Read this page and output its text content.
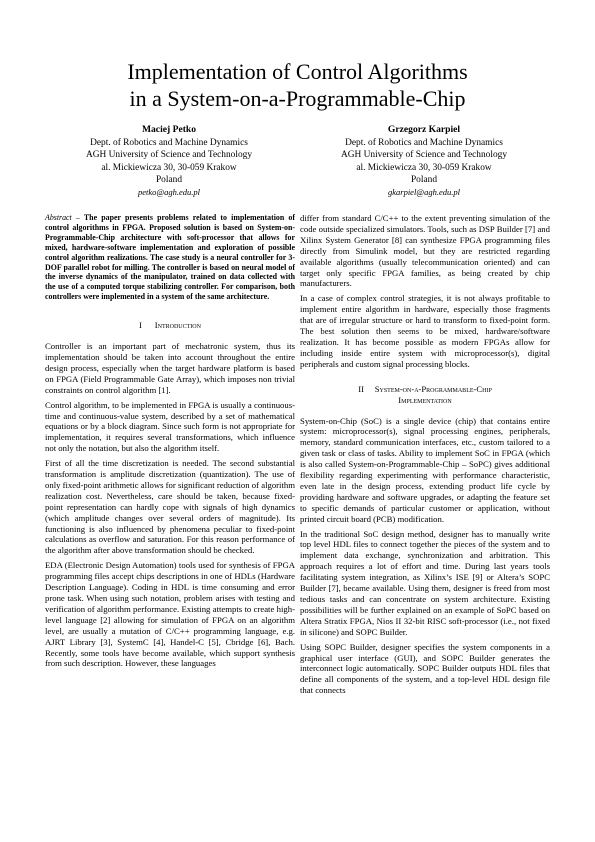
Implementation of Control Algorithms
in a System-on-a-Programmable-Chip
Maciej Petko
Dept. of Robotics and Machine Dynamics
AGH University of Science and Technology
al. Mickiewicza 30, 30-059 Krakow
Poland
petko@agh.edu.pl
Grzegorz Karpiel
Dept. of Robotics and Machine Dynamics
AGH University of Science and Technology
al. Mickiewicza 30, 30-059 Krakow
Poland
gkarpiel@agh.edu.pl

Abstract – The paper presents problems related to implementation of control algorithms in FPGA. Proposed solution is based on System-on-Programmable-Chip architecture with soft-processor that allows for mixed, hardware-software implementation and exploration of possible control algorithm realizations. The case study is a neural controller for 3-DOF parallel robot for milling. The controller is based on neural model of the inverse dynamics of the manipulator, trained on data collected with the use of a computed torque stabilizing controller. For comparison, both controllers were implemented in a system of the same architecture.

I Introduction

Controller is an important part of mechatronic system, thus its implementation should be taken into account throughout the entire design process, especially when the target hardware platform is based on FPGA (Field Programmable Gate Array), which imposes non trivial constraints on control algorithm [1].

Control algorithm, to be implemented in FPGA is usually a continuous-time and continuous-value system, described by a set of mathematical equations or by a block diagram. Since such form is not appropriate for implementation, it requires several transformations, which influence not only the notation, but also the algorithm itself.

First of all the time discretization is needed. The second substantial transformation is amplitude discretization (quantization). The use of only fixed-point arithmetic allows for significant reduction of algorithm realization cost. Nevertheless, care should be taken, because fixed-point representation can hardly cope with signals of high dynamics (which amplitude changes over several orders of magnitude). Its functioning is also influenced by phenomena peculiar to fixed-point calculations as overflow and saturation. For this reason performance of the algorithm after above transformation should be checked.

EDA (Electronic Design Automation) tools used for synthesis of FPGA programming files accept chips descriptions in one of HDLs (Hardware Description Language). Coding in HDL is time consuming and error prone task. When using such notation, problem arises with testing and verification of algorithm performance. Existing attempts to create high-level language [2] allowing for simulation of FPGA on an algorithm level, are usually a mutation of C/C++ programming language, e.g. AJRT Library [3], SystemC [4], Handel-C [5], Cbridge [6], Bach. Recently, some tools have become available, which support synthesis from such description. However, these languages

differ from standard C/C++ to the extent preventing simulation of the code outside specialized simulators. Tools, such as DSP Builder [7] and Xilinx System Generator [8] can synthesize FPGA programming files directly from Simulink model, but they are restricted regarding available algorithms (usually telecommunication oriented) and can target only specific FPGA families, as being created by chip manufacturers.

In a case of complex control strategies, it is not always profitable to implement entire algorithm in hardware, especially those fragments that are of irregular structure or hard to transform to fixed-point form. The best solution then seems to be mixed, hardware/software realization. It has become possible as modern FPGAs allow for including inside entire system with microprocessor(s), digital peripherals and custom signal processing blocks.

II System-on-a-Programmable-Chip
Implementation

System-on-Chip (SoC) is a single device (chip) that contains entire system: microprocessor(s), signal processing engines, peripherals, memory, standard communication interfaces, etc., custom tailored to a given task or class of tasks. Ability to implement SoC in FPGA (which is also called System-on-Programmable-Chip – SoPC) gives additional flexibility regarding experimenting with performance characteristic, even late in the design process, extending product life cycle by providing hardware and software upgrades, or adapting the feature set to specific demands of particular customer or application, without printed circuit board (PCB) modification.

In the traditional SoC design method, designer has to manually write top level HDL files to connect together the pieces of the system and to implement data exchange, synchronization and arbitration. This approach requires a lot of effort and time. During last years tools facilitating system integration, as Xilinx’s ISE [9] or Altera’s SOPC Builder [7], became available. Using them, designer is freed from most tedious tasks and can concentrate on system architecture. Existing possibilities will be further explained on an example of SoPC based on Altera Stratix FPGA, Nios II 32-bit RISC soft-processor (i.e., not fixed in silicone) and SOPC Builder.

Using SOPC Builder, designer specifies the system components in a graphical user interface (GUI), and SOPC Builder generates the interconnect logic automatically. SOPC Builder outputs HDL files that define all components of the system, and a top-level HDL design file that connects
